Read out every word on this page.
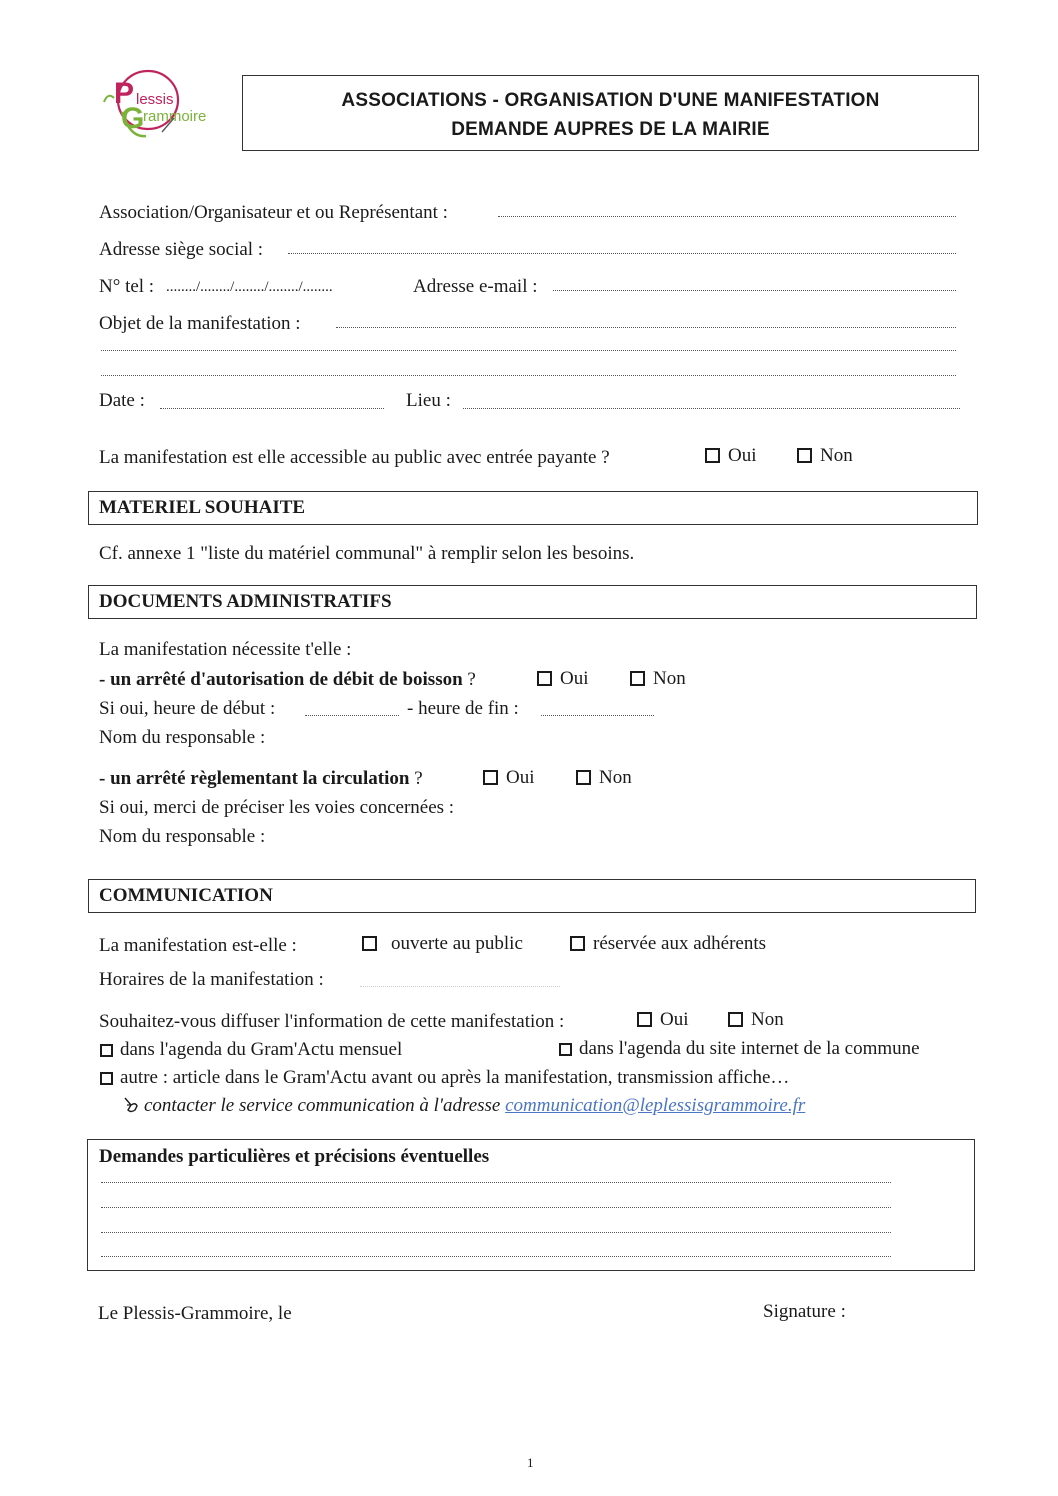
P lessis
G
rammoire
ASSOCIATIONS - ORGANISATION D'UNE MANIFESTATION
DEMANDE AUPRES DE LA MAIRIE
Association/Organisateur et ou Représentant :
Adresse siège social :
N° tel : ......../......../......../......../........	Adresse e-mail :
Objet de la manifestation :
Date :	Lieu :
La manifestation est elle accessible au public avec entrée payante ?	Oui	Non
MATERIEL SOUHAITE
Cf. annexe 1 "liste du matériel communal" à remplir selon les besoins.
DOCUMENTS ADMINISTRATIFS
La manifestation nécessite t'elle :
- un arrêté d'autorisation de débit de boisson ?	Oui	Non
Si oui, heure de début :	- heure de fin :
Nom du responsable :
- un arrêté règlementant la circulation ?	Oui	Non
Si oui, merci de préciser les voies concernées :
Nom du responsable :
COMMUNICATION
La manifestation est-elle :	ouverte au public	réservée aux adhérents
Horaires de la manifestation :
Souhaitez-vous diffuser l'information de cette manifestation :	Oui	Non
dans l'agenda du Gram'Actu mensuel	dans l'agenda du site internet de la commune
autre : article dans le Gram'Actu avant ou après la manifestation, transmission affiche…
contacter le service communication à l'adresse communication@leplessisgrammoire.fr
Demandes particulières et précisions éventuelles
Le Plessis-Grammoire, le	Signature :
1
